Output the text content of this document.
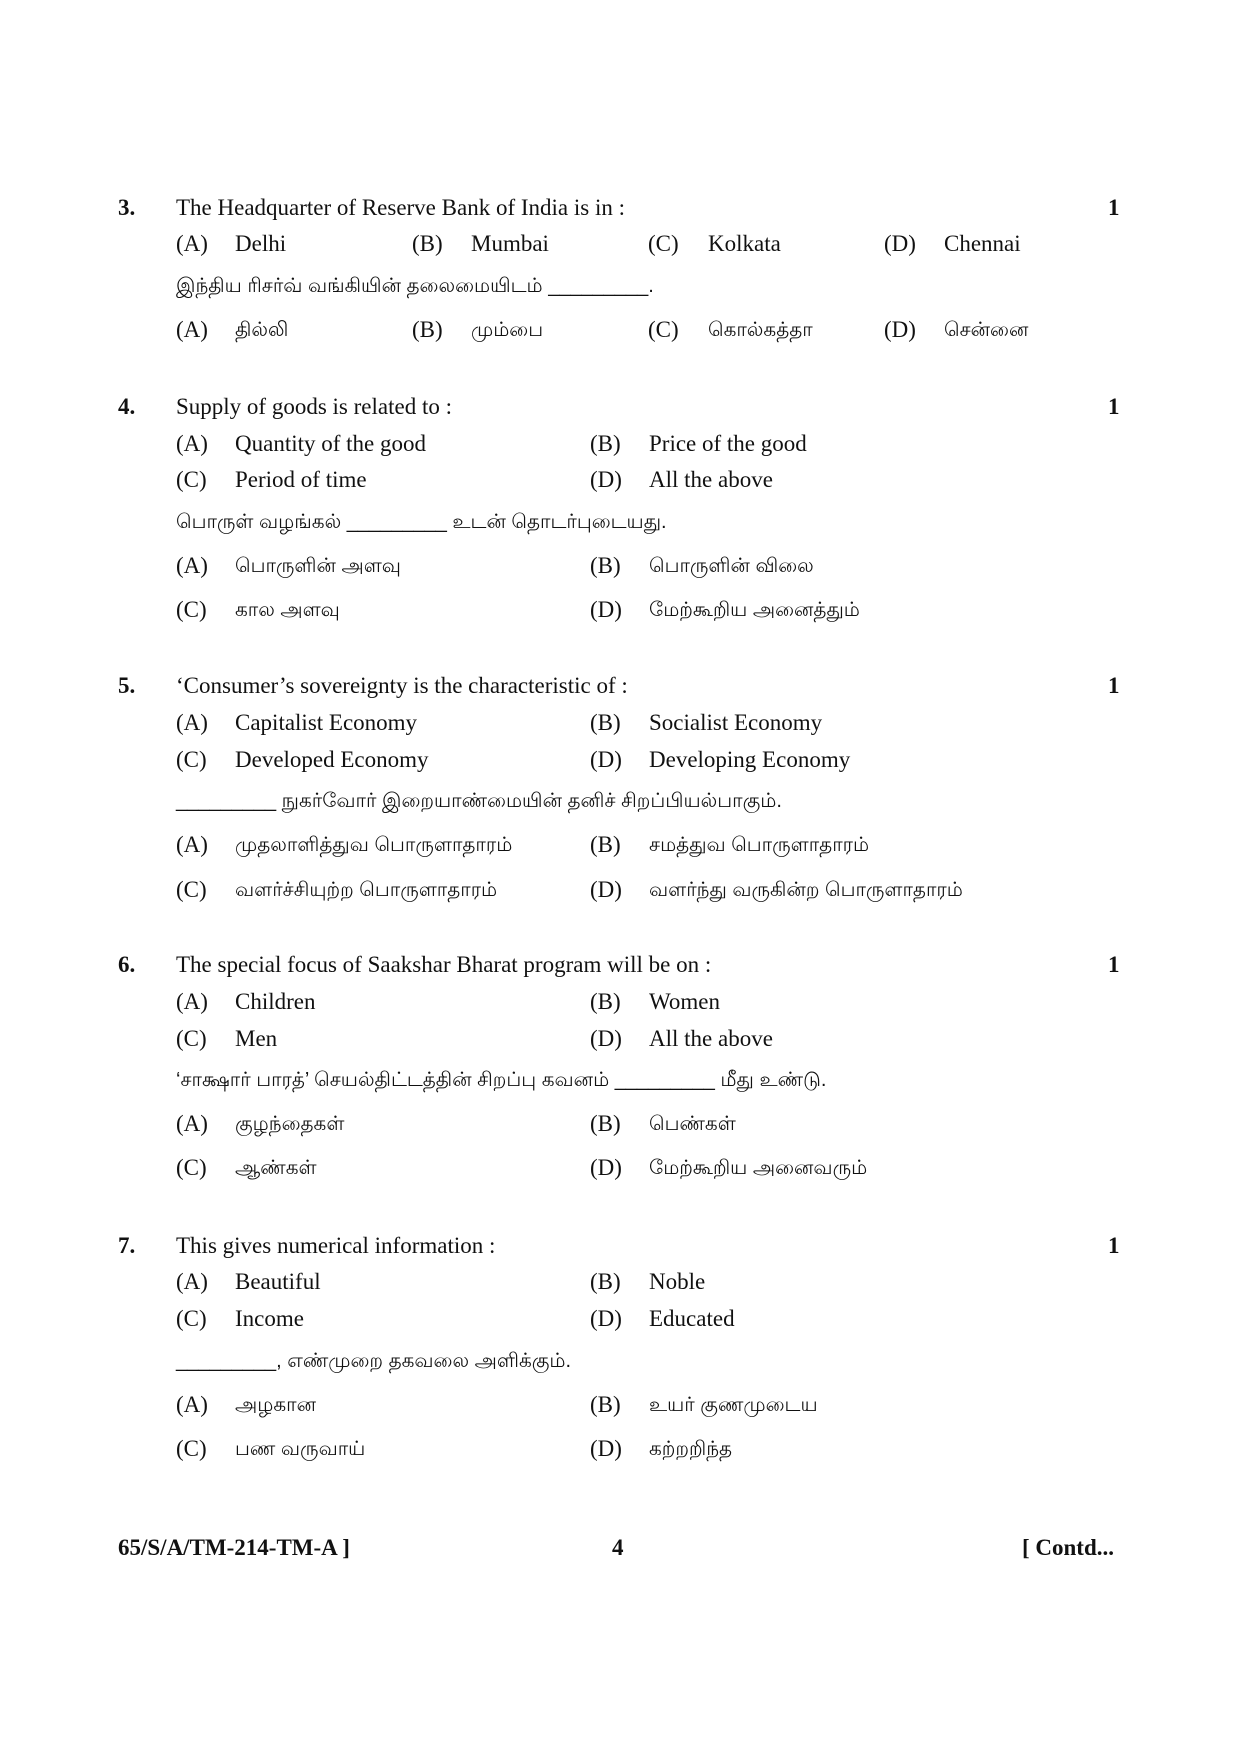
3. The Headquarter of Reserve Bank of India is in :	1
(A) Delhi	(B) Mumbai	(C) Kolkata	(D) Chennai
இந்திய ரிசர்வ் வங்கியின் தலைமையிடம் _________.
(A) தில்லி	(B) மும்பை	(C) கொல்கத்தா	(D) சென்னை
4. Supply of goods is related to :	1
(A) Quantity of the good	(B) Price of the good
(C) Period of time	(D) All the above
பொருள் வழங்கல் _________ உடன் தொடர்புடையது.
(A) பொருளின் அளவு	(B) பொருளின் விலை
(C) கால அளவு	(D) மேற்கூறிய அனைத்தும்
5. ‘Consumer’s sovereignty is the characteristic of :	1
(A) Capitalist Economy	(B) Socialist Economy
(C) Developed Economy	(D) Developing Economy
_________ நுகர்வோர் இறையாண்மையின் தனிச் சிறப்பியல்பாகும்.
(A) முதலாளித்துவ பொருளாதாரம்	(B) சமத்துவ பொருளாதாரம்
(C) வளர்ச்சியுற்ற பொருளாதாரம்	(D) வளர்ந்து வருகின்ற பொருளாதாரம்
6. The special focus of Saakshar Bharat program will be on :	1
(A) Children	(B) Women
(C) Men	(D) All the above
‘சாக்ஷார் பாரத்’ செயல்திட்டத்தின் சிறப்பு கவனம் _________ மீது உண்டு.
(A) குழந்தைகள்	(B) பெண்கள்
(C) ஆண்கள்	(D) மேற்கூறிய அனைவரும்
7. This gives numerical information :	1
(A) Beautiful	(B) Noble
(C) Income	(D) Educated
_________, எண்முறை தகவலை அளிக்கும்.
(A) அழகான	(B) உயர் குணமுடைய
(C) பண வருவாய்	(D) கற்றறிந்த
65/S/A/TM-214-TM-A ]	4	[ Contd...
